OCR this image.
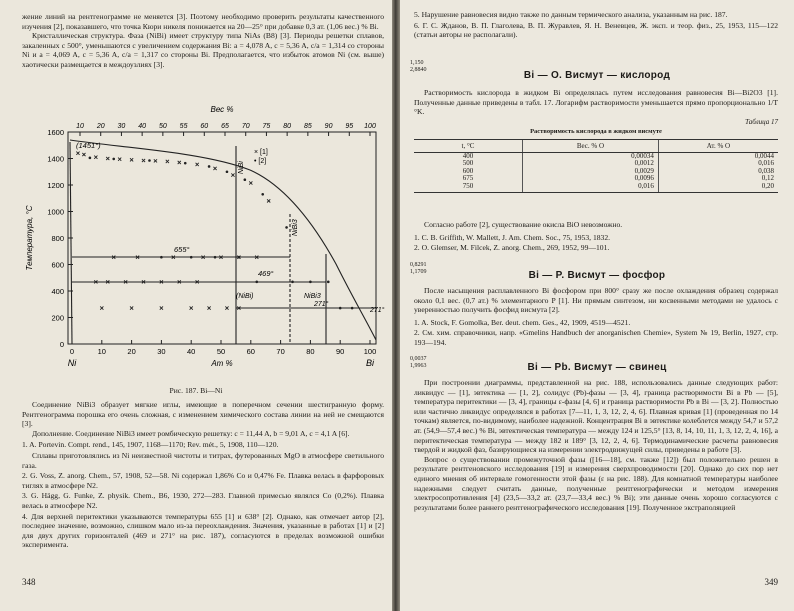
жение линий на рентгенограмме не меняется [3]. Поэтому необходимо проверить результаты качественного изучения [2], показавшего, что точка Кюри никеля понижается на 20—25° при добавке 0,3 ат. (1,06 вес.) % Bi.

Кристаллическая структура. Фаза (NiBi) имеет структуру типа NiAs (B8) [3]. Периоды решетки сплавов, закаленных с 500°, уменьшаются с увеличением содержания Bi: a = 4,078 A, c = 5,36 A, c/a = 1,314 со стороны Ni и a = 4,069 A, c = 5,36 A, c/a = 1,317 со стороны Bi. Предполагается, что избыток атомов Ni (см. выше) хаотически размещается в междоузлиях [3].

10 20 30 40 50 55 60 65 70 75 80 85 90 95 100
0	10	20	30	40	50	60	70	80	90	100
1600
1400
1200
1000
800
600
400
200
0
Вес %
Ат %
Ni	Bi
Температура, °C
(1451°)
655°
469°
271°
271°
NiBi
NiBi3
(NiBi)	NiBi3
× [1]
• [2]

Рис. 187. Bi—Ni

Соединение NiBi3 образует мягкие иглы, имеющие в поперечном сечении шестигранную форму. Рентгенограмма порошка его очень сложная, с изменением химического состава линии на ней не смещаются [3].

Дополнение. Соединение NiBi3 имеет ромбическую решетку: c = 11,44 A, b = 9,01 A, c = 4,1 A [6].

1. A. Portevin. Compt. rend., 145, 1907, 1168—1170; Rev. mét., 5, 1908, 110—120.

Сплавы приготовлялись из Ni неизвестной чистоты и титрах, футерованных MgO в атмосфере светильного газа.

2. G. Voss, Z. anorg. Chem., 57, 1908, 52—58. Ni содержал 1,86% Co и 0,47% Fe. Плавка велась в фарфоровых тиглях в атмосфере N2.

3. G. Hägg, G. Funke, Z. physik. Chem., B6, 1930, 272—283. Главной примесью являлся Co (0,2%). Плавка велась в атмосфере N2.

4. Для верхней перитектики указываются температуры 655 [1] и 638° [2]. Однако, как отмечает автор [2], последнее значение, возможно, слишком мало из-за переохлаждения. Значения, указанные в работах [1] и [2] для двух других горизонталей (469 и 271° на рис. 187), согласуются в пределах возможной ошибки эксперимента.

348

5. Нарушение равновесия видно также по данным термического анализа, указанным на рис. 187.

6. Г. С. Жданов, В. П. Глаголева, В. П. Журавлев, Я. Н. Веневцев, Ж. эксп. и теор. физ., 25, 1953, 115—122 (статьи авторы не располагали).

1,150

2,8840	Bi — O. Висмут — кислород

Растворимость кислорода в жидком Bi определялась путем исследования равновесия Bi—Bi2O3 [1]. Полученные данные приведены в табл. 17. Логарифм растворимости уменьшается прямо пропорционально 1/T °K.

Таблица 17

Растворимость кислорода в жидком висмуте

t, °C	Вес. % O	Ат. % O
400	0,00034	0,0044
500	0,0012	0,016
600	0,0029	0,038
675	0,0096	0,12
750	0,016	0,20

Согласно работе [2], существование окисла BiO невозможно.

1. C. B. Griffith, W. Mallett, J. Am. Chem. Soc., 75, 1953, 1832.

2. O. Glemser, M. Filcek, Z. anorg. Chem., 269, 1952, 99—101.

0,8291

1,1709	Bi — P. Висмут — фосфор

После насыщения расплавленного Bi фосфором при 800° сразу же после охлаждения образец содержал около 0,1 вес. (0,7 ат.) % элементарного P [1]. Ни прямым синтезом, ни косвенными методами не удалось с уверенностью получить фосфид висмута [2].

1. A. Stock, F. Gomolka, Ber. deut. chem. Ges., 42, 1909, 4519—4521.

2. См. хим. справочники, напр. «Gmelins Handbuch der anorganischen Chemie», System № 19, Berlin, 1927, стр. 193—194.

0,0037

1,9963	Bi — Pb. Висмут — свинец

При построении диаграммы, представленной на рис. 188, использовались данные следующих работ: ликвидус — [1], эвтектика — [1, 2], солидус (Pb)-фазы — [3, 4], граница растворимости Bi в Pb — [5], температура перитектики — [3, 4], границы ε-фазы [4, 6] и граница растворимости Pb в Bi — [3, 2]. Полностью или частично ликвидус определялся в работах [7—11, 1, 3, 12, 2, 4, 6]. Плавная кривая [1] (проведенная по 14 точкам) является, по-видимому, наиболее надежной. Концентрация Bi в эвтектике колеблется между 54,7 и 57,2 ат. (54,9—57,4 вес.) % Bi, эвтектическая температура — между 124 и 125,5° [13, 8, 14, 10, 11, 1, 3, 12, 2, 4, 16], а перитектическая температура — между 182 и 189° [3, 12, 2, 4, 6]. Термодинамические расчеты равновесия твердой и жидкой фаз, базирующиеся на измерении электродвижущей силы, приведены в работе [3].

Вопрос о существовании промежуточной фазы ([16—18], см. также [12]) был положительно решен в результате рентгеновского исследования [19] и измерения сверхпроводимости [20]. Однако до сих пор нет единого мнения об интервале гомогенности этой фазы (ε на рис. 188). Для комнатной температуры наиболее надежными следует считать данные, полученные рентгенографически и методом измерения электросопротивления [4] (23,5—33,2 ат. (23,7—33,4 вес.) % Bi); эти данные очень хорошо согласуются с результатами более раннего рентгенографического исследования [19]. Полученное экстраполяцией

349
